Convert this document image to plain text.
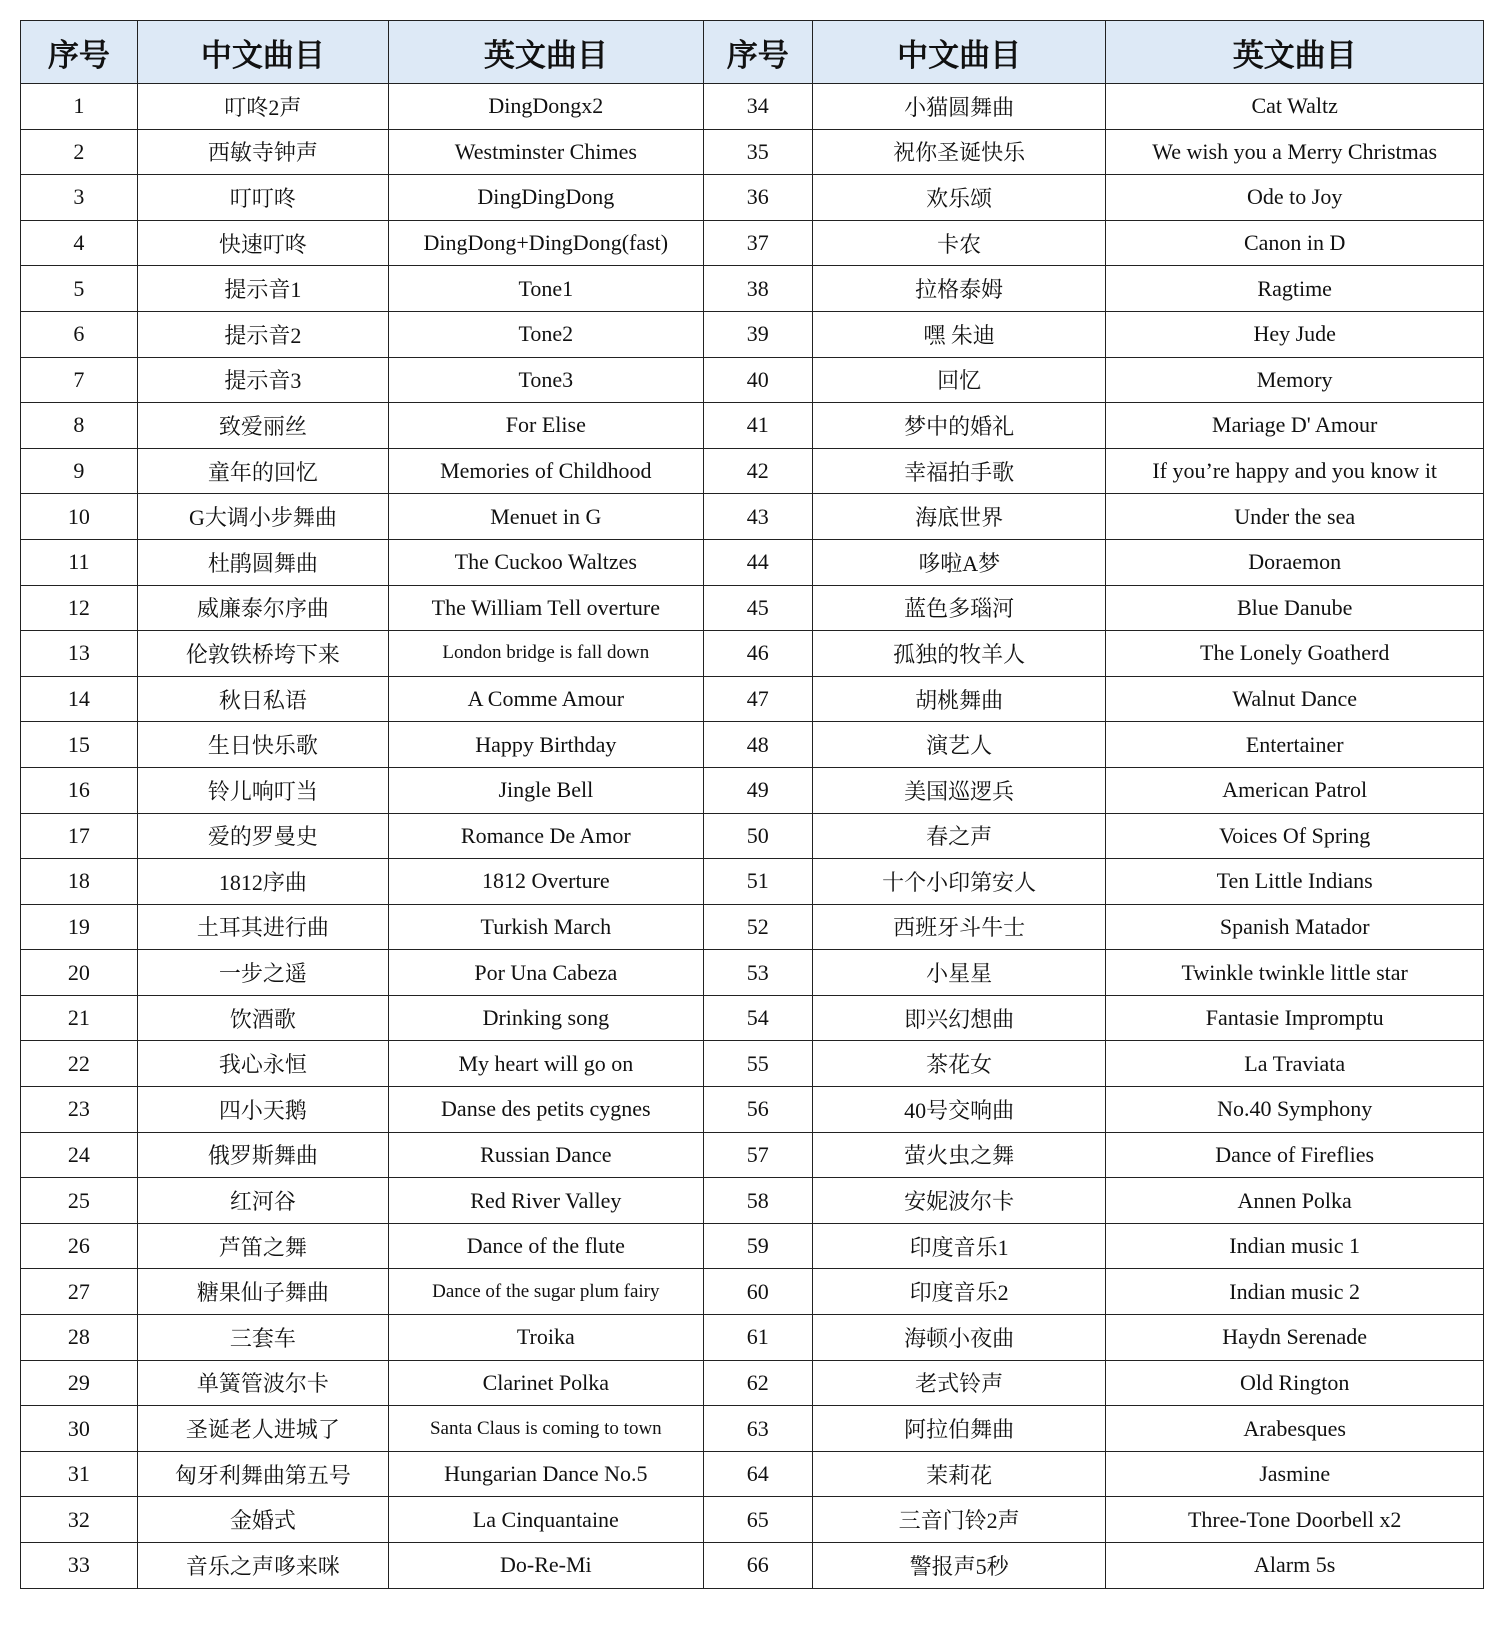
序号	中文曲目	英文曲目	序号	中文曲目	英文曲目
1	叮咚2声	DingDongx2	34	小猫圆舞曲	Cat Waltz
2	西敏寺钟声	Westminster Chimes	35	祝你圣诞快乐	We wish you a Merry Christmas
3	叮叮咚	DingDingDong	36	欢乐颂	Ode to Joy
4	快速叮咚	DingDong+DingDong(fast)	37	卡农	Canon in D
5	提示音1	Tone1	38	拉格泰姆	Ragtime
6	提示音2	Tone2	39	嘿 朱迪	Hey Jude
7	提示音3	Tone3	40	回忆	Memory
8	致爱丽丝	For Elise	41	梦中的婚礼	Mariage D' Amour
9	童年的回忆	Memories of Childhood	42	幸福拍手歌	If you’re happy and you know it
10	G大调小步舞曲	Menuet in G	43	海底世界	Under the sea
11	杜鹃圆舞曲	The Cuckoo Waltzes	44	哆啦A梦	Doraemon
12	威廉泰尔序曲	The William Tell overture	45	蓝色多瑙河	Blue Danube
13	伦敦铁桥垮下来	London bridge is fall down	46	孤独的牧羊人	The Lonely Goatherd
14	秋日私语	A Comme Amour	47	胡桃舞曲	Walnut Dance
15	生日快乐歌	Happy Birthday	48	演艺人	Entertainer
16	铃儿响叮当	Jingle Bell	49	美国巡逻兵	American Patrol
17	爱的罗曼史	Romance De Amor	50	春之声	Voices Of Spring
18	1812序曲	1812 Overture	51	十个小印第安人	Ten Little Indians
19	土耳其进行曲	Turkish March	52	西班牙斗牛士	Spanish Matador
20	一步之遥	Por Una Cabeza	53	小星星	Twinkle twinkle little star
21	饮酒歌	Drinking song	54	即兴幻想曲	Fantasie Impromptu
22	我心永恒	My heart will go on	55	茶花女	La Traviata
23	四小天鹅	Danse des petits cygnes	56	40号交响曲	No.40 Symphony
24	俄罗斯舞曲	Russian Dance	57	萤火虫之舞	Dance of Fireflies
25	红河谷	Red River Valley	58	安妮波尔卡	Annen Polka
26	芦笛之舞	Dance of the flute	59	印度音乐1	Indian music 1
27	糖果仙子舞曲	Dance of the sugar plum fairy	60	印度音乐2	Indian music 2
28	三套车	Troika	61	海顿小夜曲	Haydn Serenade
29	单簧管波尔卡	Clarinet Polka	62	老式铃声	Old Rington
30	圣诞老人进城了	Santa Claus is coming to town	63	阿拉伯舞曲	Arabesques
31	匈牙利舞曲第五号	Hungarian Dance No.5	64	茉莉花	Jasmine
32	金婚式	La Cinquantaine	65	三音门铃2声	Three-Tone Doorbell x2
33	音乐之声哆来咪	Do-Re-Mi	66	警报声5秒	Alarm 5s
